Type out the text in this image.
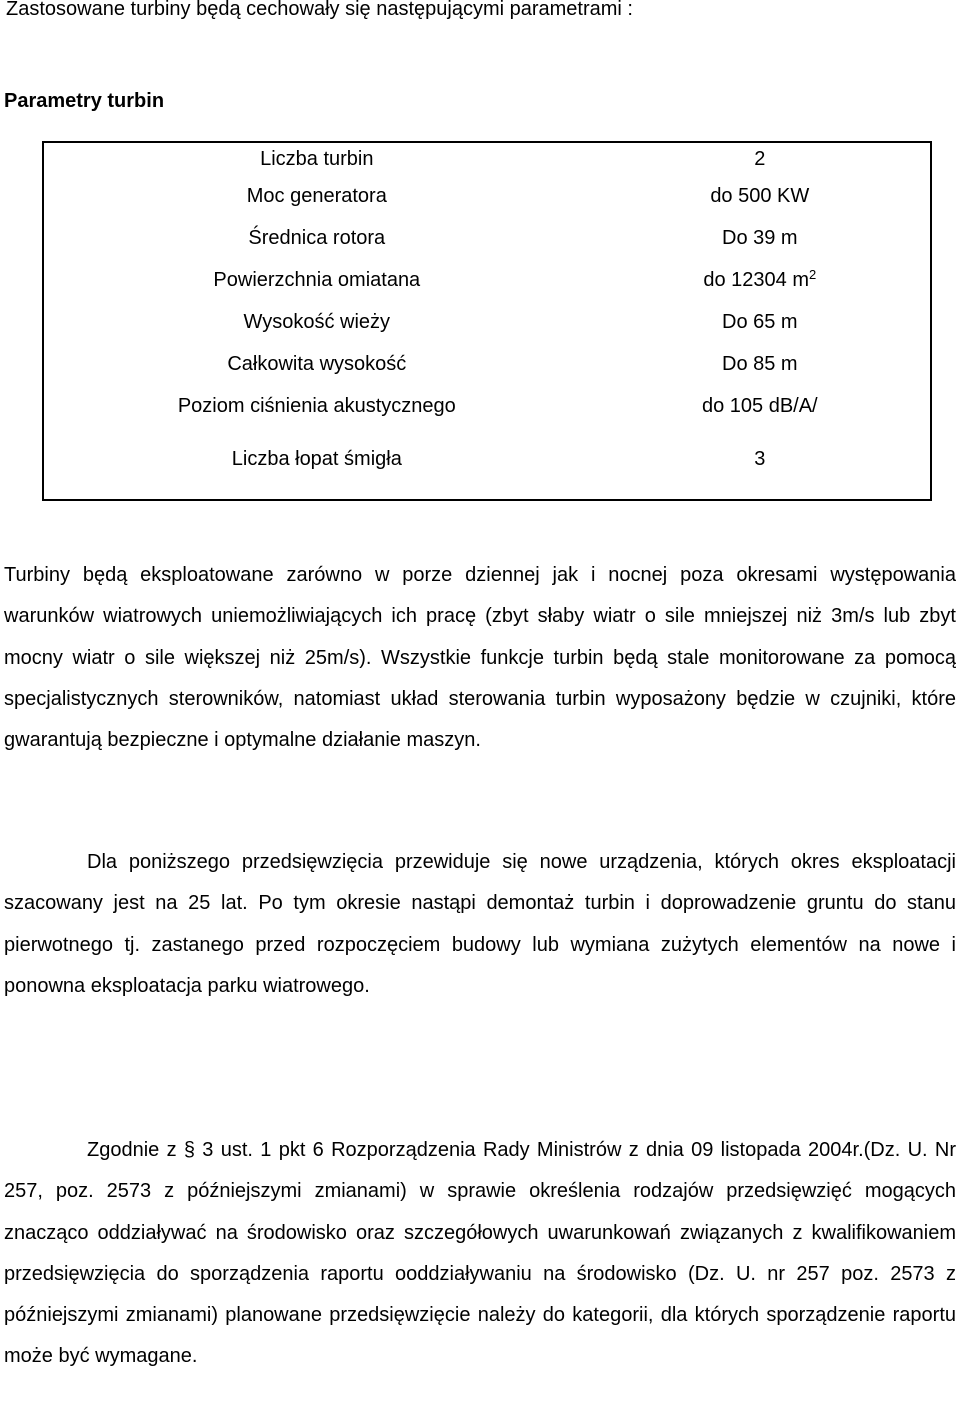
Zastosowane turbiny będą cechowały się następującymi parametrami :
Parametry turbin
Liczba turbin	2
Moc generatora	do 500 KW
Średnica rotora	Do 39 m
Powierzchnia omiatana	do 12304 $m^2$
Wysokość wieży	Do 65 m
Całkowita wysokość	Do 85 m
Poziom ciśnienia akustycznego	do 105 dB/A/
Liczba łopat śmigła	3

Turbiny będą eksploatowane zarówno w porze dziennej jak i nocnej poza okresami występowania warunków wiatrowych uniemożliwiających ich pracę (zbyt słaby wiatr o sile mniejszej niż 3m/s lub zbyt mocny wiatr o sile większej niż 25m/s). Wszystkie funkcje turbin będą stale monitorowane za pomocą specjalistycznych sterowników, natomiast układ sterowania turbin wyposażony będzie w czujniki, które gwarantują bezpieczne i optymalne działanie maszyn.

Dla poniższego przedsięwzięcia przewiduje się nowe urządzenia, których okres eksploatacji szacowany jest na 25 lat. Po tym okresie nastąpi demontaż turbin i doprowadzenie gruntu do stanu pierwotnego tj. zastanego przed rozpoczęciem budowy lub wymiana zużytych elementów na nowe i ponowna eksploatacja parku wiatrowego.

Zgodnie z § 3 ust. 1 pkt 6 Rozporządzenia Rady Ministrów z dnia 09 listopada 2004r.(Dz. U. Nr 257, poz. 2573 z późniejszymi zmianami) w sprawie określenia rodzajów przedsięwzięć mogących znacząco oddziaływać na środowisko oraz szczegółowych uwarunkowań związanych z kwalifikowaniem przedsięwzięcia do sporządzenia raportu ooddziaływaniu na środowisko (Dz. U. nr 257 poz. 2573 z późniejszymi zmianami) planowane przedsięwzięcie należy do kategorii, dla których sporządzenie raportu może być wymagane.
